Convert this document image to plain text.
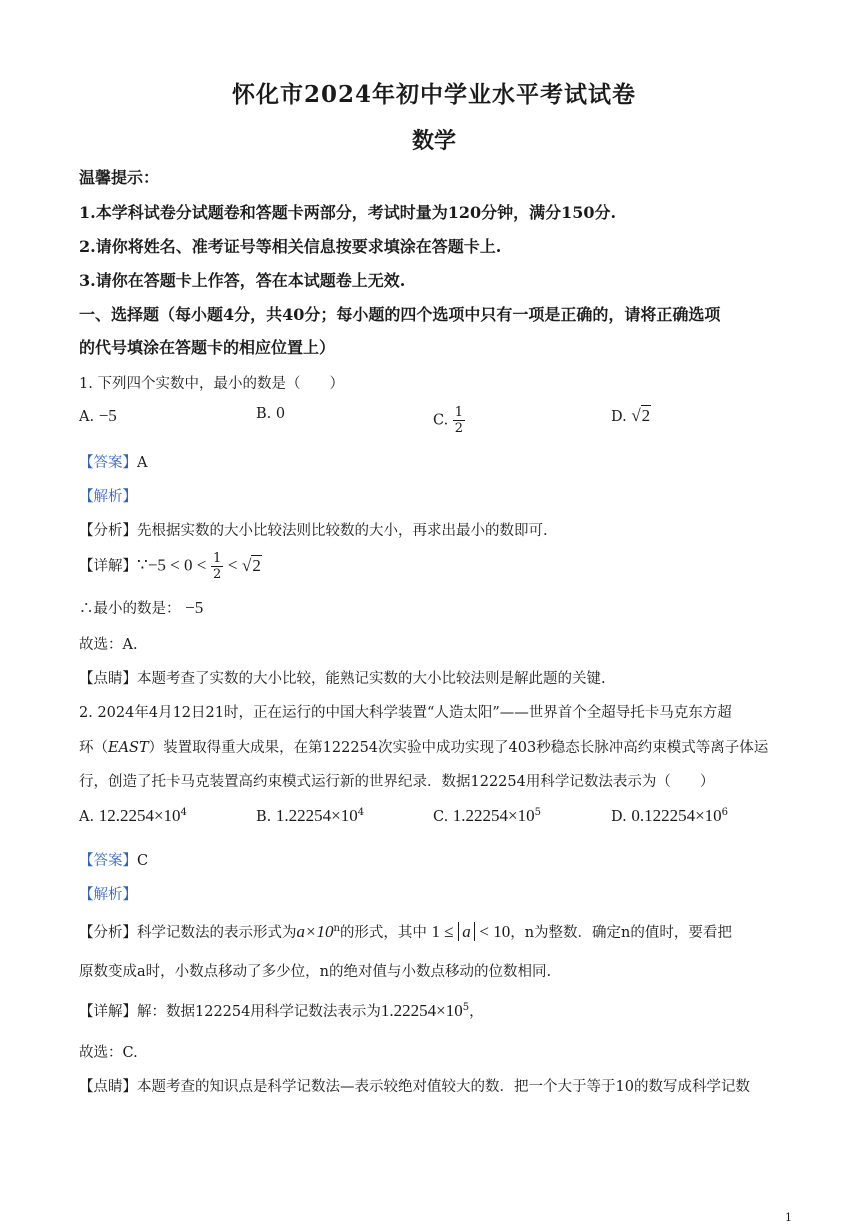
怀化市2024年初中学业水平考试试卷
数学
温馨提示：
1.本学科试卷分试题卷和答题卡两部分，考试时量为120分钟，满分150分.
2.请你将姓名、准考证号等相关信息按要求填涂在答题卡上.
3.请你在答题卡上作答，答在本试题卷上无效.
一、选择题（每小题4分，共40分；每小题的四个选项中只有一项是正确的，请将正确选项
的代号填涂在答题卡的相应位置上）
1. 下列四个实数中，最小的数是（　　）
A. −5	B. 0	C. $\frac{1}{2}$	D. √2
【答案】A
【解析】
【分析】先根据实数的大小比较法则比较数的大小，再求出最小的数即可.
【详解】∵−5 < $0 < \frac{1}{2} < √2$
∴最小的数是： −5
故选：A.
【点睛】本题考查了实数的大小比较，能熟记实数的大小比较法则是解此题的关键.
2. 2024年4月12日21时，正在运行的中国大科学装置“人造太阳”——世界首个全超导托卡马克东方超
环（EAST）装置取得重大成果，在第122254次实验中成功实现了403秒稳态长脉冲高约束模式等离子体运
行，创造了托卡马克装置高约束模式运行新的世界纪录．数据122254用科学记数法表示为（　　）
A. $12.2254\times 10^4$	B. $1.22254\times 10^4$	C. $1.22254\times 10^5$	D. $0.122254\times 10^6$
【答案】C
【解析】
【分析】科学记数法的表示形式为$a\times 10^n$的形式，其中 1 ≤ a < 10，n为整数．确定n的值时，要看把
原数变成a时，小数点移动了多少位，n的绝对值与小数点移动的位数相同.
【详解】解：数据122254用科学记数法表示为$1.22254\times 10^5$，
故选：C.
【点睛】本题考查的知识点是科学记数法—表示较绝对值较大的数．把一个大于等于10的数写成科学记数
1
